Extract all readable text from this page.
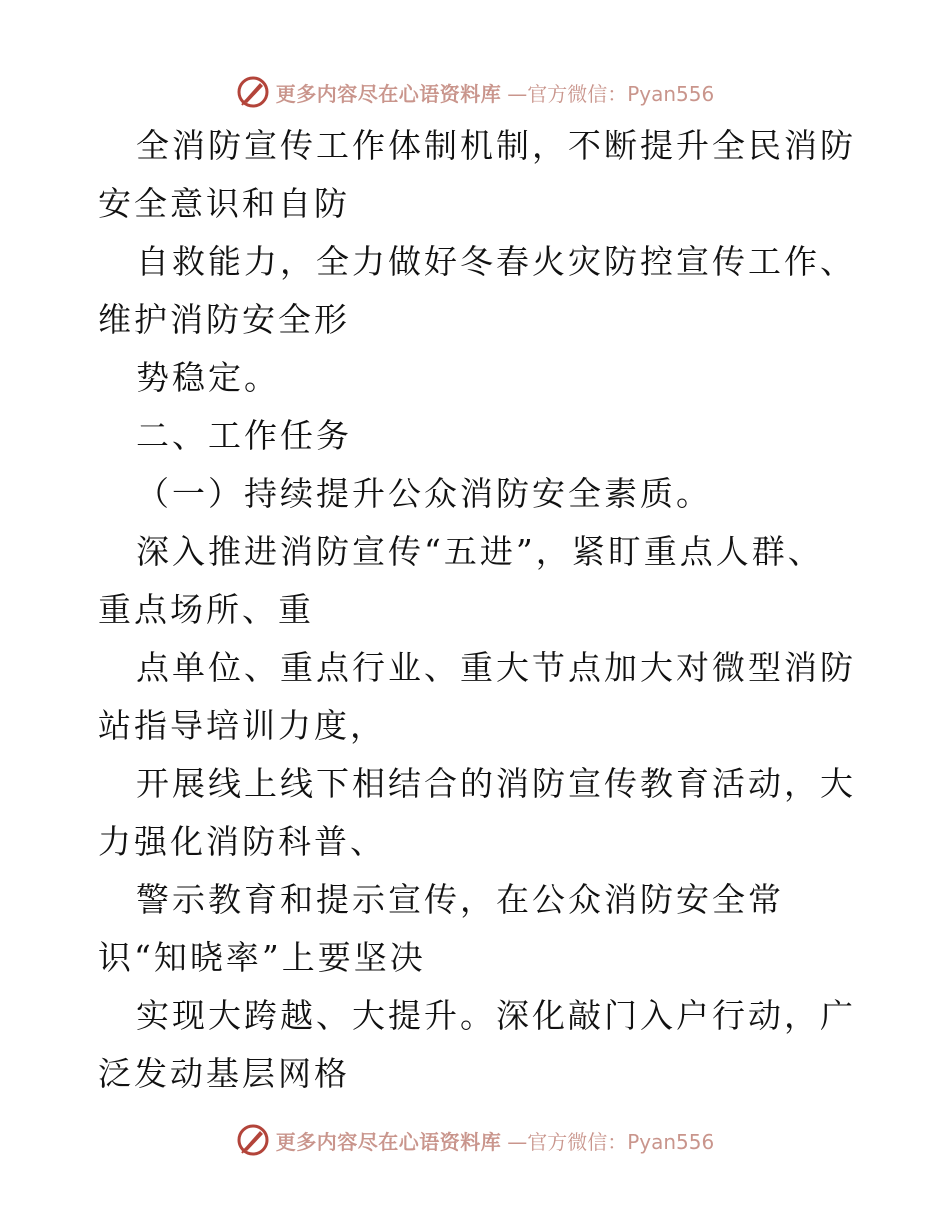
更多内容尽在心语资料库 —官方微信：Pyan556

全消防宣传工作体制机制，不断提升全民消防安全意识和自防

自救能力，全力做好冬春火灾防控宣传工作、维护消防安全形

势稳定。

二、工作任务

（一）持续提升公众消防安全素质。

深入推进消防宣传“五进”，紧盯重点人群、重点场所、重

点单位、重点行业、重大节点加大对微型消防站指导培训力度，

开展线上线下相结合的消防宣传教育活动，大力强化消防科普、

警示教育和提示宣传，在公众消防安全常识“知晓率”上要坚决

实现大跨越、大提升。深化敲门入户行动，广泛发动基层网格

更多内容尽在心语资料库 —官方微信：Pyan556
